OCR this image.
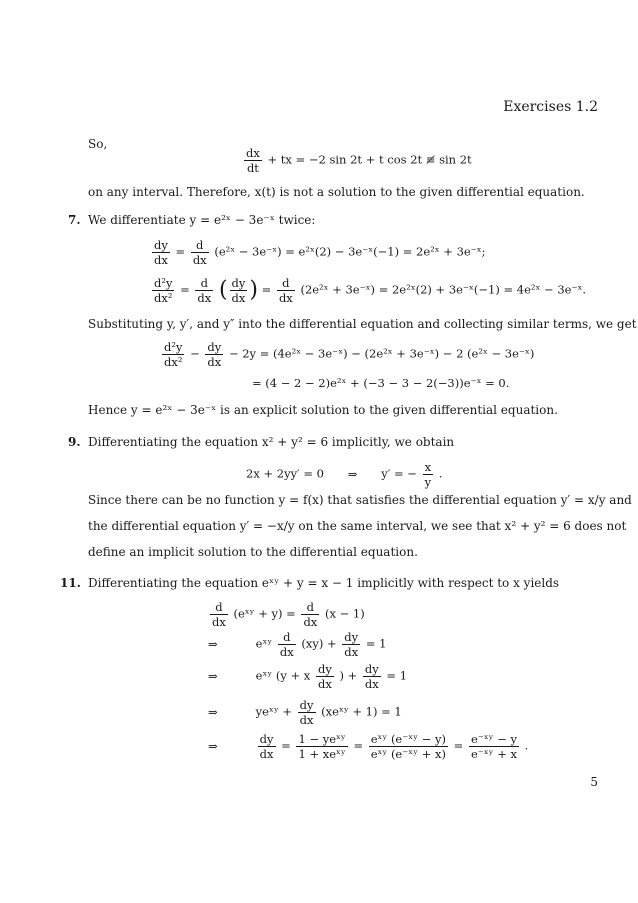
Exercises 1.2
So,
$\frac{dx}{dt}$ + tx = −2 sin 2t + t cos 2t ≢ sin 2t
on any interval. Therefore, x(t) is not a solution to the given differential equation.
7. We differentiate y = e²ˣ − 3e⁻ˣ twice:
$\frac{dy}{dx} = \frac{d}{dx}$ (e²ˣ − 3e⁻ˣ) = e²ˣ(2) − 3e⁻ˣ(−1) = 2e²ˣ + 3e⁻ˣ;
$\frac{\text{d²y}}{\text{dx²}} = \frac{d}{dx}$ ( $\frac{dy}{dx}$ ) = $\frac{d}{dx}$ (2e²ˣ + 3e⁻ˣ) = 2e²ˣ(2) + 3e⁻ˣ(−1) = 4e²ˣ − 3e⁻ˣ.
Substituting y, y′, and y″ into the differential equation and collecting similar terms, we get
$\frac{\text{d²y}}{\text{dx²}} - \frac{dy}{dx} - 2y$ = (4e²ˣ − 3e⁻ˣ) − (2e²ˣ + 3e⁻ˣ) − 2 (e²ˣ − 3e⁻ˣ)
= (4 − 2 − 2)e²ˣ + (−3 − 3 − 2(−3))e⁻ˣ = 0.
Hence y = e²ˣ − 3e⁻ˣ is an explicit solution to the given differential equation.
9. Differentiating the equation x² + y² = 6 implicitly, we obtain
2x + 2yy′ = 0 ⇒ y′ = − $\frac{x}{y}$ .
Since there can be no function y = f(x) that satisfies the differential equation y′ = x/y and
the differential equation y′ = −x/y on the same interval, we see that x² + y² = 6 does not
define an implicit solution to the differential equation.
11. Differentiating the equation eˣʸ + y = x − 1 implicitly with respect to x yields
$\frac{d}{dx}$ (eˣʸ + $y) = \frac{d}{dx} (x - 1)$
⇒	eˣʸ $\frac{d}{dx} (xy) + \frac{dy}{dx} = 1$
⇒	eˣʸ (y + x $\frac{dy}{dx}$ ) + $\frac{dy}{dx} = 1$
⇒	yeˣʸ + $\frac{dy}{dx}$ (xeˣʸ + 1) = 1
⇒	$\frac{dy}{dx} = \frac{\text{1 − yeˣʸ}}{\text{1 + xeˣʸ}} = \frac{\text{eˣʸ (e⁻ˣʸ − y)}}{\text{eˣʸ (e⁻ˣʸ + x)}} = \frac{\text{e⁻ˣʸ − y}}{\text{e⁻ˣʸ + x}}$ .
5
